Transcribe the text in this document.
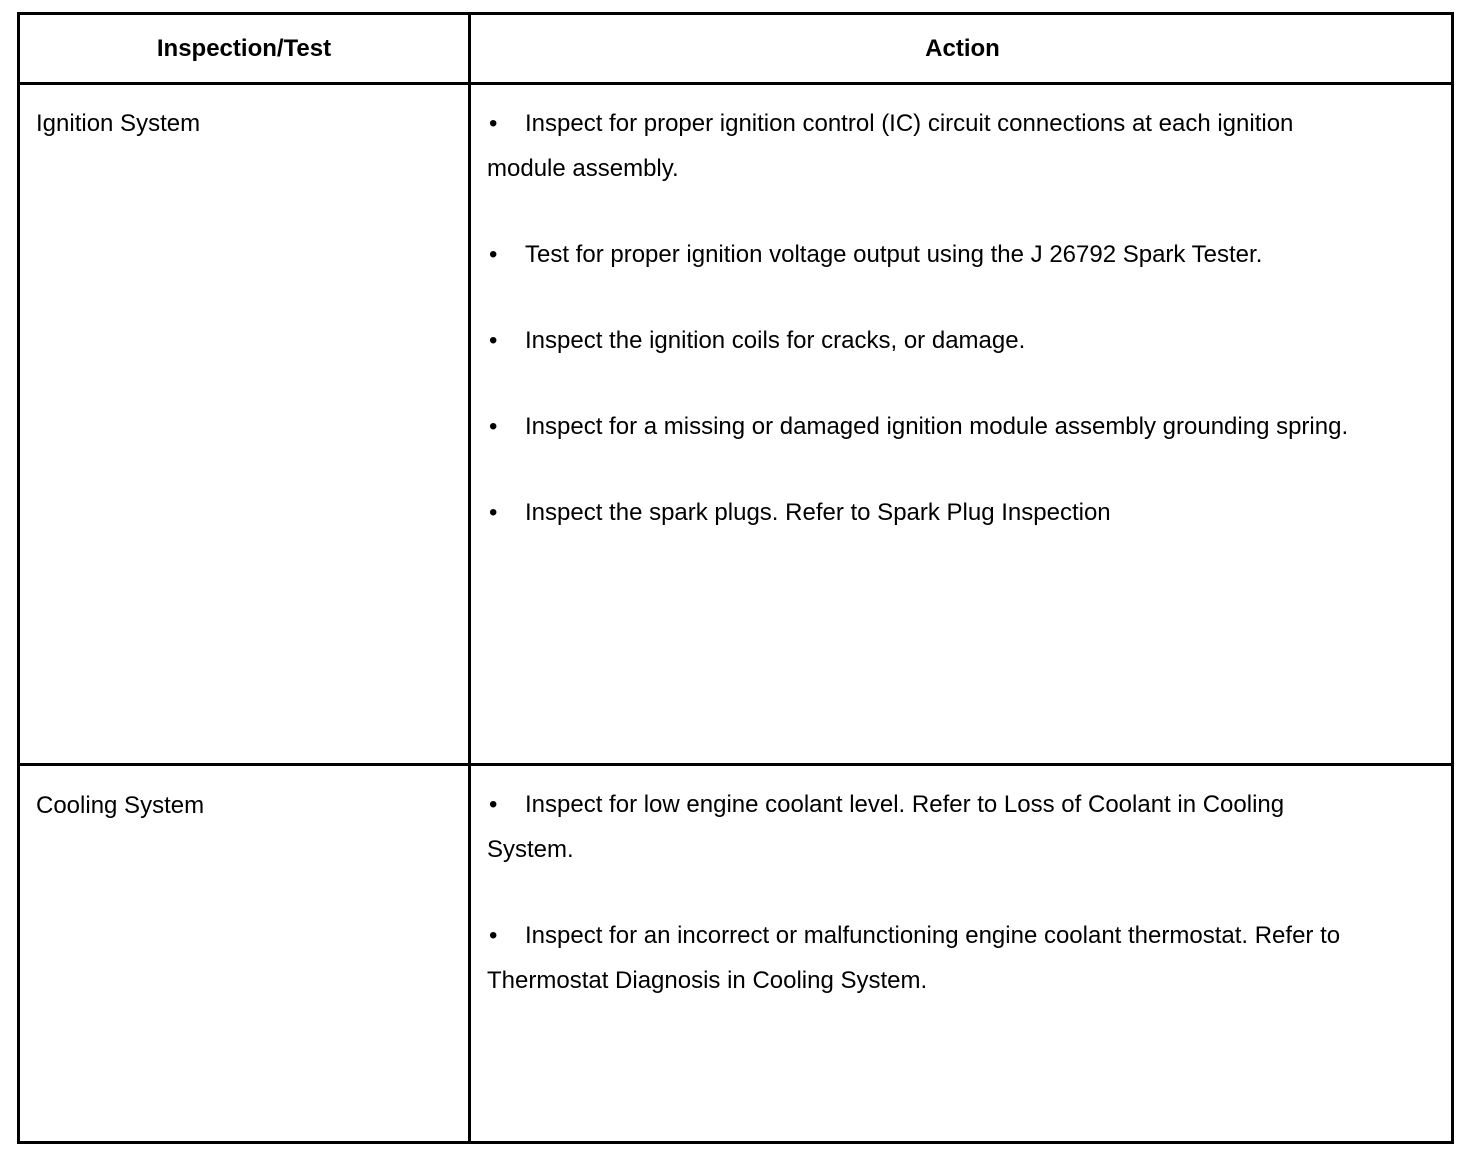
Inspection/Test	Action
Ignition System	• Inspect for proper ignition control (IC) circuit connections at each ignition module assembly.
• Test for proper ignition voltage output using the J 26792 Spark Tester.
• Inspect the ignition coils for cracks, or damage.
• Inspect for a missing or damaged ignition module assembly grounding spring.
• Inspect the spark plugs. Refer to Spark Plug Inspection
Cooling System	• Inspect for low engine coolant level. Refer to Loss of Coolant in Cooling System.
• Inspect for an incorrect or malfunctioning engine coolant thermostat. Refer to Thermostat Diagnosis in Cooling System.
